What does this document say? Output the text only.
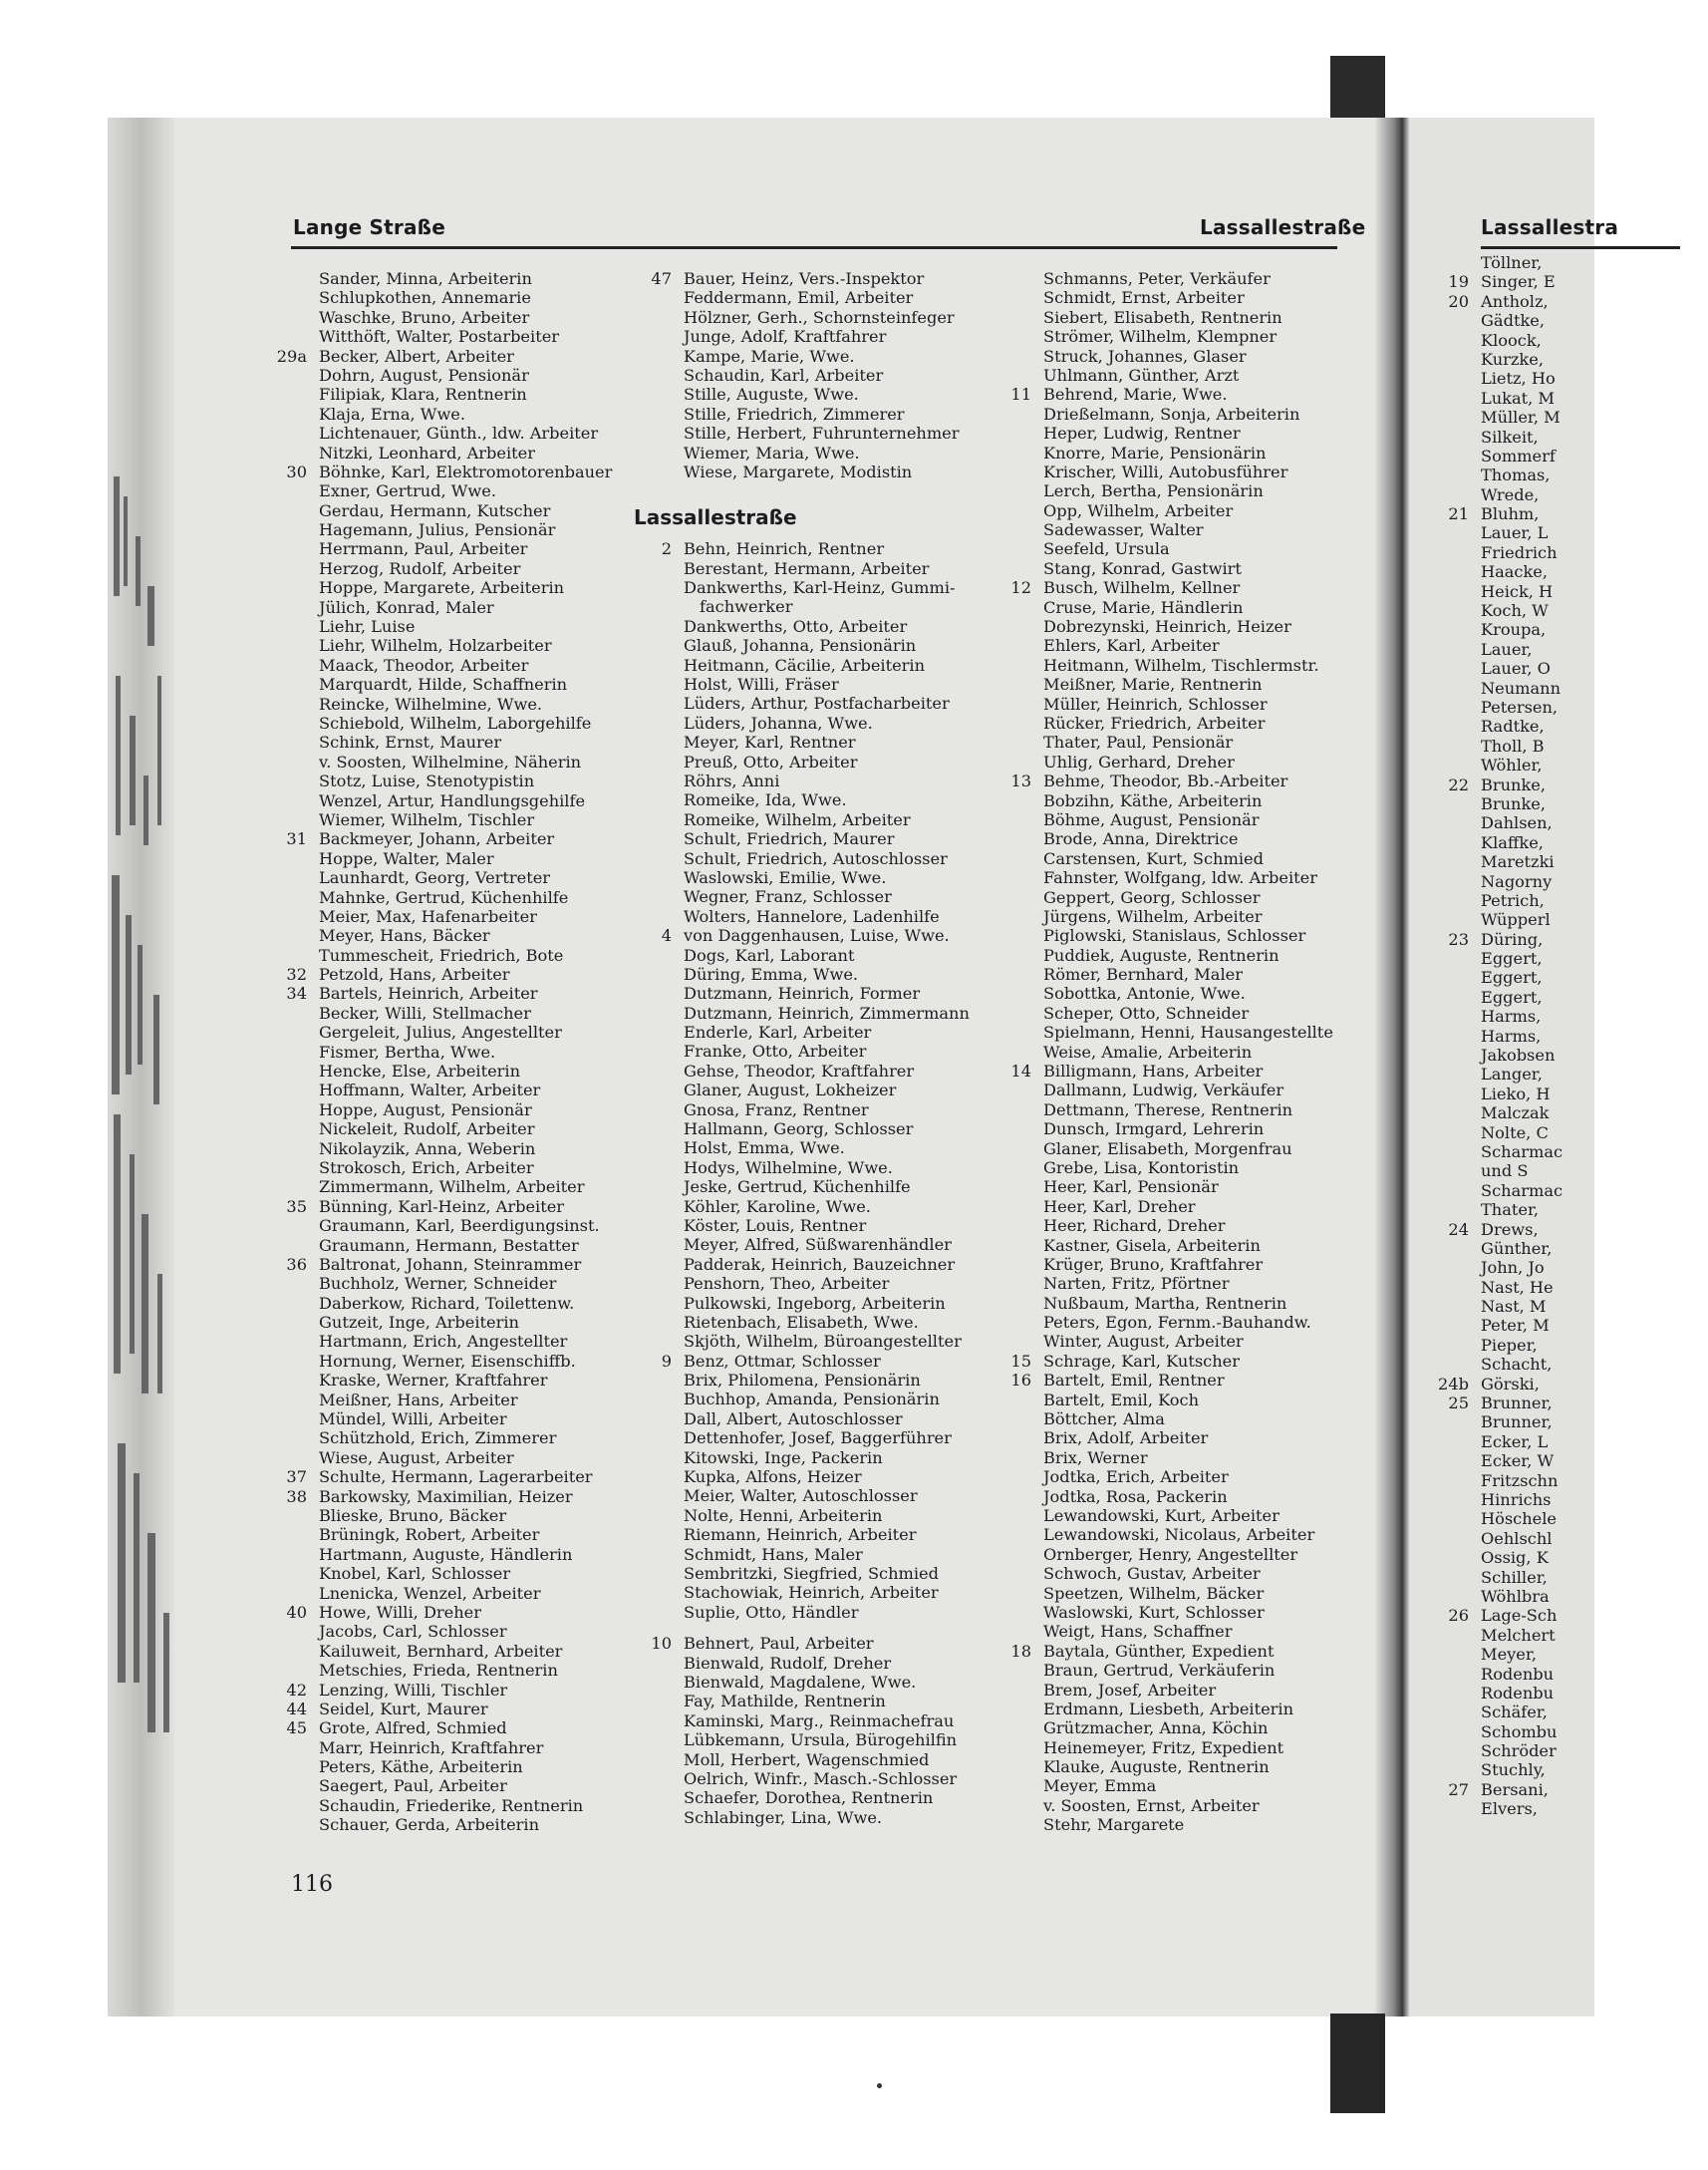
Lassallestra
Töllner,
19 Singer, E
20 Antholz,
Gädtke,
Kloock,
Kurzke,
Lietz, Ho
Lukat, M
Müller, M
Silkeit,
Sommerf
Thomas,
Wrede,
21 Bluhm,
Lauer, L
Friedrich
Haacke,
Heick, H
Koch, W
Kroupa,
Lauer,
Lauer, O
Neumann
Petersen,
Radtke,
Tholl, B
Wöhler,
22 Brunke,
Brunke,
Dahlsen,
Klaffke,
Maretzki
Nagorny
Petrich,
Wüpperl
23 Düring,
Eggert,
Eggert,
Eggert,
Harms,
Harms,
Jakobsen
Langer,
Lieko, H
Malczak
Nolte, C
Scharmac
und S
Scharmac
Thater,
24 Drews,
Günther,
John, Jo
Nast, He
Nast, M
Peter, M
Pieper,
Schacht,
24b Görski,
25 Brunner,
Brunner,
Ecker, L
Ecker, W
Fritzschn
Hinrichs
Höschele
Oehlschl
Ossig, K
Schiller,
Wöhlbra
26 Lage-Sch
Melchert
Meyer,
Rodenbu
Rodenbu
Schäfer,
Schombu
Schröder
Stuchly,
27 Bersani,
Elvers,
Lange Straße	Lassallestraße
Sander, Minna, Arbeiterin
Schlupkothen, Annemarie
Waschke, Bruno, Arbeiter
Witthöft, Walter, Postarbeiter
29a Becker, Albert, Arbeiter
Dohrn, August, Pensionär
Filipiak, Klara, Rentnerin
Klaja, Erna, Wwe.
Lichtenauer, Günth., ldw. Arbeiter
Nitzki, Leonhard, Arbeiter
30 Böhnke, Karl, Elektromotorenbauer
Exner, Gertrud, Wwe.
Gerdau, Hermann, Kutscher
Hagemann, Julius, Pensionär
Herrmann, Paul, Arbeiter
Herzog, Rudolf, Arbeiter
Hoppe, Margarete, Arbeiterin
Jülich, Konrad, Maler
Liehr, Luise
Liehr, Wilhelm, Holzarbeiter
Maack, Theodor, Arbeiter
Marquardt, Hilde, Schaffnerin
Reincke, Wilhelmine, Wwe.
Schiebold, Wilhelm, Laborgehilfe
Schink, Ernst, Maurer
v. Soosten, Wilhelmine, Näherin
Stotz, Luise, Stenotypistin
Wenzel, Artur, Handlungsgehilfe
Wiemer, Wilhelm, Tischler
31 Backmeyer, Johann, Arbeiter
Hoppe, Walter, Maler
Launhardt, Georg, Vertreter
Mahnke, Gertrud, Küchenhilfe
Meier, Max, Hafenarbeiter
Meyer, Hans, Bäcker
Tummescheit, Friedrich, Bote
32 Petzold, Hans, Arbeiter
34 Bartels, Heinrich, Arbeiter
Becker, Willi, Stellmacher
Gergeleit, Julius, Angestellter
Fismer, Bertha, Wwe.
Hencke, Else, Arbeiterin
Hoffmann, Walter, Arbeiter
Hoppe, August, Pensionär
Nickeleit, Rudolf, Arbeiter
Nikolayzik, Anna, Weberin
Strokosch, Erich, Arbeiter
Zimmermann, Wilhelm, Arbeiter
35 Bünning, Karl-Heinz, Arbeiter
Graumann, Karl, Beerdigungsinst.
Graumann, Hermann, Bestatter
36 Baltronat, Johann, Steinrammer
Buchholz, Werner, Schneider
Daberkow, Richard, Toilettenw.
Gutzeit, Inge, Arbeiterin
Hartmann, Erich, Angestellter
Hornung, Werner, Eisenschiffb.
Kraske, Werner, Kraftfahrer
Meißner, Hans, Arbeiter
Mündel, Willi, Arbeiter
Schützhold, Erich, Zimmerer
Wiese, August, Arbeiter
37 Schulte, Hermann, Lagerarbeiter
38 Barkowsky, Maximilian, Heizer
Blieske, Bruno, Bäcker
Brüningk, Robert, Arbeiter
Hartmann, Auguste, Händlerin
Knobel, Karl, Schlosser
Lnenicka, Wenzel, Arbeiter
40 Howe, Willi, Dreher
Jacobs, Carl, Schlosser
Kailuweit, Bernhard, Arbeiter
Metschies, Frieda, Rentnerin
42 Lenzing, Willi, Tischler
44 Seidel, Kurt, Maurer
45 Grote, Alfred, Schmied
Marr, Heinrich, Kraftfahrer
Peters, Käthe, Arbeiterin
Saegert, Paul, Arbeiter
Schaudin, Friederike, Rentnerin
Schauer, Gerda, Arbeiterin
47 Bauer, Heinz, Vers.-Inspektor
Feddermann, Emil, Arbeiter
Hölzner, Gerh., Schornsteinfeger
Junge, Adolf, Kraftfahrer
Kampe, Marie, Wwe.
Schaudin, Karl, Arbeiter
Stille, Auguste, Wwe.
Stille, Friedrich, Zimmerer
Stille, Herbert, Fuhrunternehmer
Wiemer, Maria, Wwe.
Wiese, Margarete, Modistin
Lassallestraße
2 Behn, Heinrich, Rentner
Berestant, Hermann, Arbeiter
Dankwerths, Karl-Heinz, Gummi-
fachwerker
Dankwerths, Otto, Arbeiter
Glauß, Johanna, Pensionärin
Heitmann, Cäcilie, Arbeiterin
Holst, Willi, Fräser
Lüders, Arthur, Postfacharbeiter
Lüders, Johanna, Wwe.
Meyer, Karl, Rentner
Preuß, Otto, Arbeiter
Röhrs, Anni
Romeike, Ida, Wwe.
Romeike, Wilhelm, Arbeiter
Schult, Friedrich, Maurer
Schult, Friedrich, Autoschlosser
Waslowski, Emilie, Wwe.
Wegner, Franz, Schlosser
Wolters, Hannelore, Ladenhilfe
4 von Daggenhausen, Luise, Wwe.
Dogs, Karl, Laborant
Düring, Emma, Wwe.
Dutzmann, Heinrich, Former
Dutzmann, Heinrich, Zimmermann
Enderle, Karl, Arbeiter
Franke, Otto, Arbeiter
Gehse, Theodor, Kraftfahrer
Glaner, August, Lokheizer
Gnosa, Franz, Rentner
Hallmann, Georg, Schlosser
Holst, Emma, Wwe.
Hodys, Wilhelmine, Wwe.
Jeske, Gertrud, Küchenhilfe
Köhler, Karoline, Wwe.
Köster, Louis, Rentner
Meyer, Alfred, Süßwarenhändler
Padderak, Heinrich, Bauzeichner
Penshorn, Theo, Arbeiter
Pulkowski, Ingeborg, Arbeiterin
Rietenbach, Elisabeth, Wwe.
Skjöth, Wilhelm, Büroangestellter
9 Benz, Ottmar, Schlosser
Brix, Philomena, Pensionärin
Buchhop, Amanda, Pensionärin
Dall, Albert, Autoschlosser
Dettenhofer, Josef, Baggerführer
Kitowski, Inge, Packerin
Kupka, Alfons, Heizer
Meier, Walter, Autoschlosser
Nolte, Henni, Arbeiterin
Riemann, Heinrich, Arbeiter
Schmidt, Hans, Maler
Sembritzki, Siegfried, Schmied
Stachowiak, Heinrich, Arbeiter
Suplie, Otto, Händler
10 Behnert, Paul, Arbeiter
Bienwald, Rudolf, Dreher
Bienwald, Magdalene, Wwe.
Fay, Mathilde, Rentnerin
Kaminski, Marg., Reinmachefrau
Lübkemann, Ursula, Bürogehilfin
Moll, Herbert, Wagenschmied
Oelrich, Winfr., Masch.-Schlosser
Schaefer, Dorothea, Rentnerin
Schlabinger, Lina, Wwe.
Schmanns, Peter, Verkäufer
Schmidt, Ernst, Arbeiter
Siebert, Elisabeth, Rentnerin
Strömer, Wilhelm, Klempner
Struck, Johannes, Glaser
Uhlmann, Günther, Arzt
11 Behrend, Marie, Wwe.
Drießelmann, Sonja, Arbeiterin
Heper, Ludwig, Rentner
Knorre, Marie, Pensionärin
Krischer, Willi, Autobusführer
Lerch, Bertha, Pensionärin
Opp, Wilhelm, Arbeiter
Sadewasser, Walter
Seefeld, Ursula
Stang, Konrad, Gastwirt
12 Busch, Wilhelm, Kellner
Cruse, Marie, Händlerin
Dobrezynski, Heinrich, Heizer
Ehlers, Karl, Arbeiter
Heitmann, Wilhelm, Tischlermstr.
Meißner, Marie, Rentnerin
Müller, Heinrich, Schlosser
Rücker, Friedrich, Arbeiter
Thater, Paul, Pensionär
Uhlig, Gerhard, Dreher
13 Behme, Theodor, Bb.-Arbeiter
Bobzihn, Käthe, Arbeiterin
Böhme, August, Pensionär
Brode, Anna, Direktrice
Carstensen, Kurt, Schmied
Fahnster, Wolfgang, ldw. Arbeiter
Geppert, Georg, Schlosser
Jürgens, Wilhelm, Arbeiter
Piglowski, Stanislaus, Schlosser
Puddiek, Auguste, Rentnerin
Römer, Bernhard, Maler
Sobottka, Antonie, Wwe.
Scheper, Otto, Schneider
Spielmann, Henni, Hausangestellte
Weise, Amalie, Arbeiterin
14 Billigmann, Hans, Arbeiter
Dallmann, Ludwig, Verkäufer
Dettmann, Therese, Rentnerin
Dunsch, Irmgard, Lehrerin
Glaner, Elisabeth, Morgenfrau
Grebe, Lisa, Kontoristin
Heer, Karl, Pensionär
Heer, Karl, Dreher
Heer, Richard, Dreher
Kastner, Gisela, Arbeiterin
Krüger, Bruno, Kraftfahrer
Narten, Fritz, Pförtner
Nußbaum, Martha, Rentnerin
Peters, Egon, Fernm.-Bauhandw.
Winter, August, Arbeiter
15 Schrage, Karl, Kutscher
16 Bartelt, Emil, Rentner
Bartelt, Emil, Koch
Böttcher, Alma
Brix, Adolf, Arbeiter
Brix, Werner
Jodtka, Erich, Arbeiter
Jodtka, Rosa, Packerin
Lewandowski, Kurt, Arbeiter
Lewandowski, Nicolaus, Arbeiter
Ornberger, Henry, Angestellter
Schwoch, Gustav, Arbeiter
Speetzen, Wilhelm, Bäcker
Waslowski, Kurt, Schlosser
Weigt, Hans, Schaffner
18 Baytala, Günther, Expedient
Braun, Gertrud, Verkäuferin
Brem, Josef, Arbeiter
Erdmann, Liesbeth, Arbeiterin
Grützmacher, Anna, Köchin
Heinemeyer, Fritz, Expedient
Klauke, Auguste, Rentnerin
Meyer, Emma
v. Soosten, Ernst, Arbeiter
Stehr, Margarete
116
